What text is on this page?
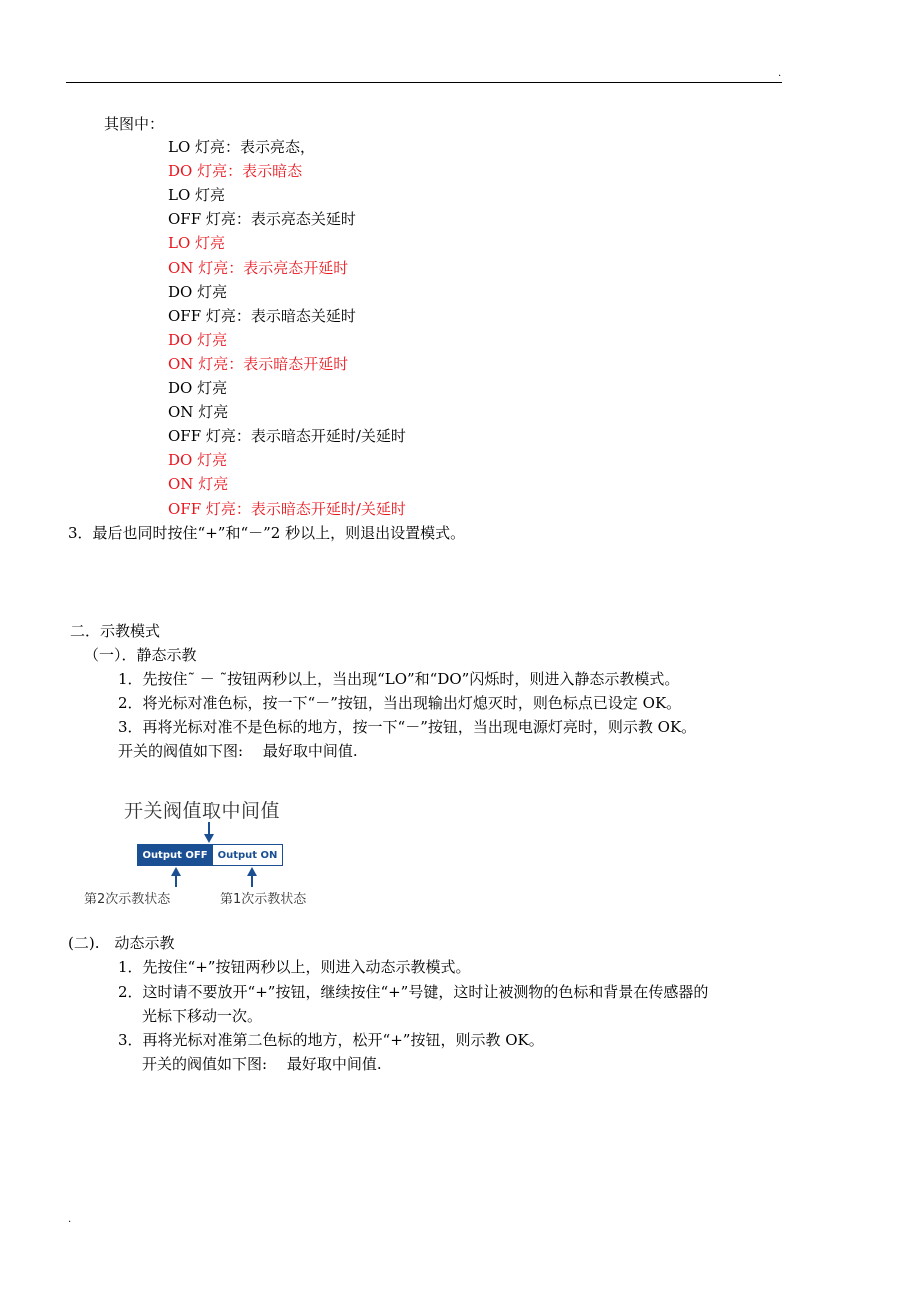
.
其图中：
LO 灯亮：表示亮态，
DO 灯亮：表示暗态
LO 灯亮
OFF 灯亮：表示亮态关延时
LO 灯亮
ON 灯亮：表示亮态开延时
DO 灯亮
OFF 灯亮：表示暗态关延时
DO 灯亮
ON 灯亮：表示暗态开延时
DO 灯亮
ON 灯亮
OFF 灯亮：表示暗态开延时/关延时
DO 灯亮
ON 灯亮
OFF 灯亮：表示暗态开延时/关延时
3．最后也同时按住“+”和“－”2 秒以上，则退出设置模式。
二．示教模式
（一）．静态示教
1．先按住˜ － ˜按钮两秒以上，当出现“LO”和“DO”闪烁时，则进入静态示教模式。
2．将光标对准色标，按一下“－”按钮，当出现输出灯熄灭时，则色标点已设定 OK。
3．再将光标对准不是色标的地方，按一下“－”按钮，当出现电源灯亮时，则示教 OK。
开关的阀值如下图:　 最好取中间值.
开关阀值取中间值
Output OFF	Output ON
第2次示教状态	第1次示教状态
(二).　动态示教
1．先按住“+”按钮两秒以上，则进入动态示教模式。
2．这时请不要放开“+”按钮，继续按住“+”号键，这时让被测物的色标和背景在传感器的
光标下移动一次。
3．再将光标对准第二色标的地方，松开“+”按钮，则示教 OK。
开关的阀值如下图:　 最好取中间值.
.
